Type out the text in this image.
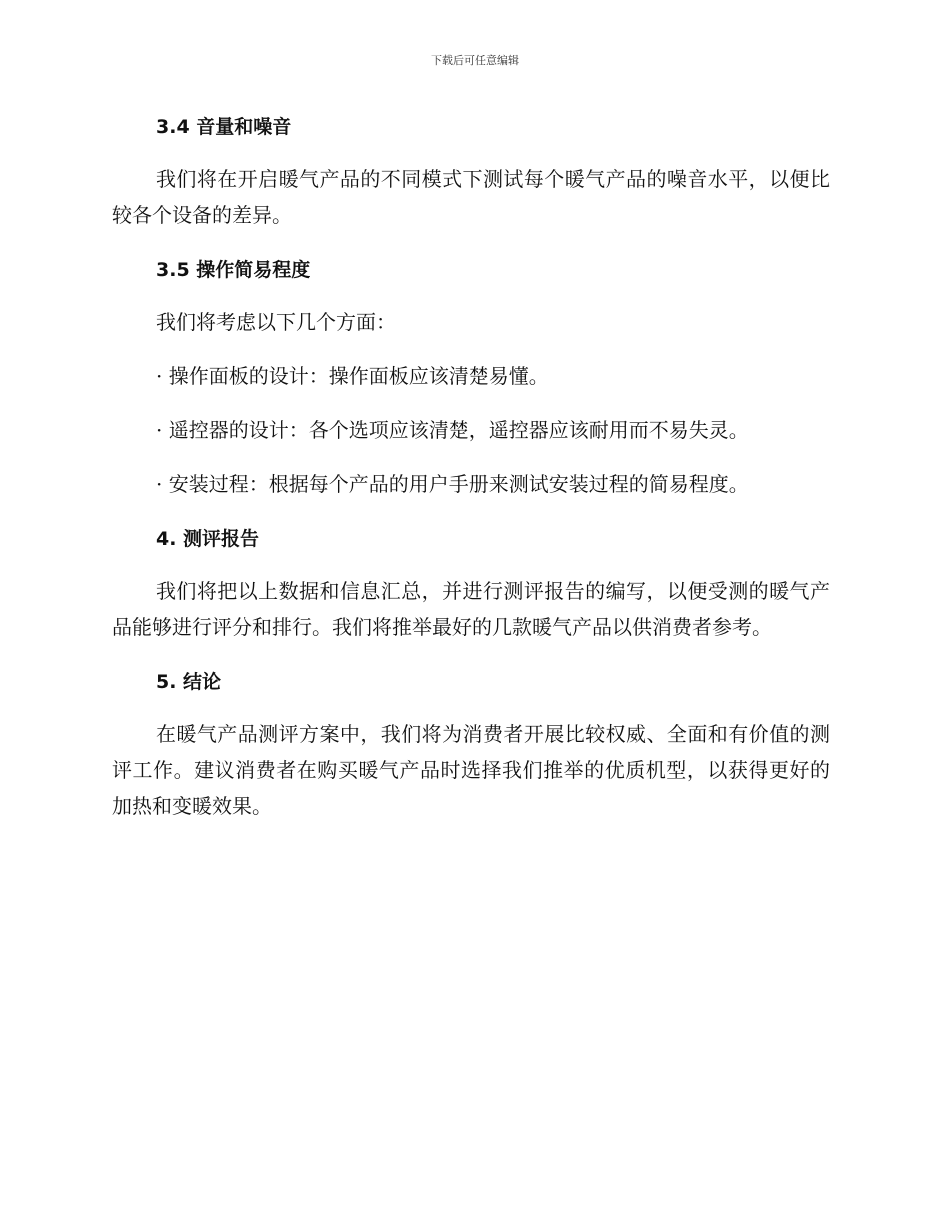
下载后可任意编辑
3.4 音量和噪音

我们将在开启暖气产品的不同模式下测试每个暖气产品的噪音水平，以便比较各个设备的差异。

3.5 操作简易程度

我们将考虑以下几个方面：

· 操作面板的设计：操作面板应该清楚易懂。

· 遥控器的设计：各个选项应该清楚，遥控器应该耐用而不易失灵。

· 安装过程：根据每个产品的用户手册来测试安装过程的简易程度。

4. 测评报告

我们将把以上数据和信息汇总，并进行测评报告的编写，以便受测的暖气产品能够进行评分和排行。我们将推举最好的几款暖气产品以供消费者参考。

5. 结论

在暖气产品测评方案中，我们将为消费者开展比较权威、全面和有价值的测评工作。建议消费者在购买暖气产品时选择我们推举的优质机型，以获得更好的加热和变暖效果。
